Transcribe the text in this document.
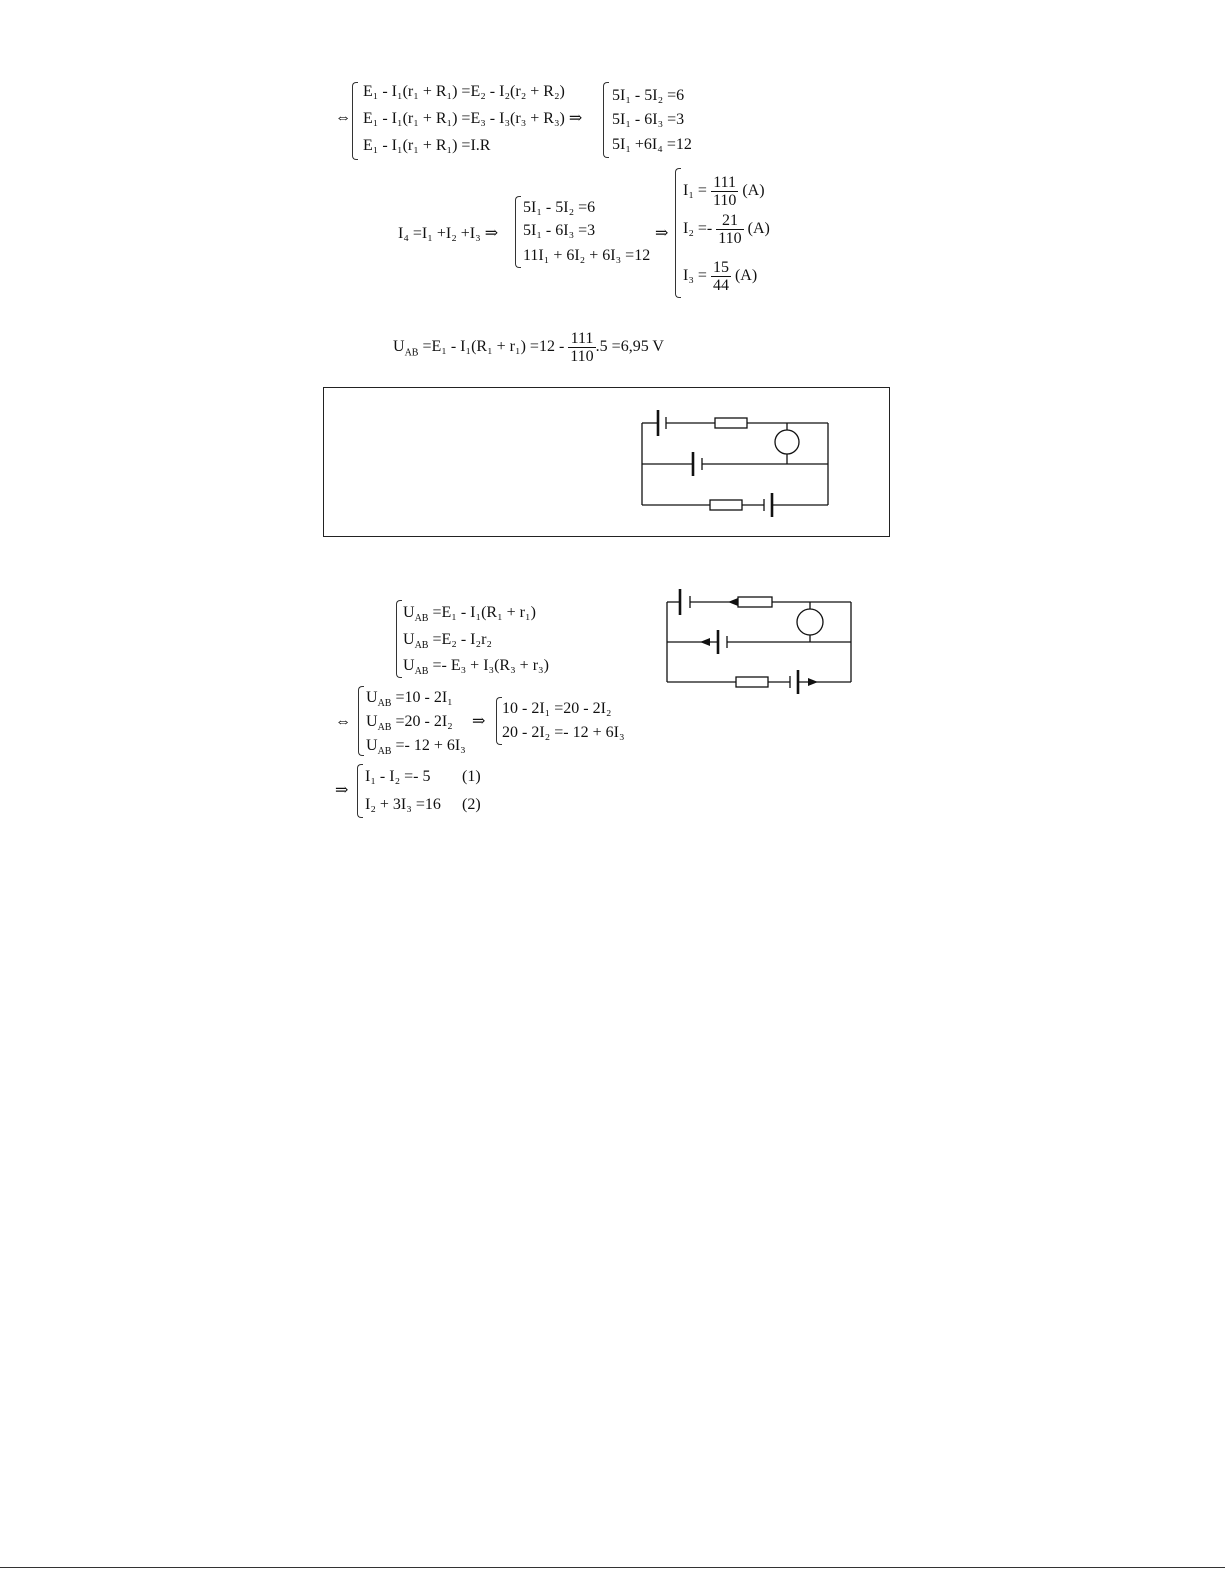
⇔
E₁ - I₁(r₁ + R₁) =E₂ - I₂(r₂ + R₂)
E₁ - I₁(r₁ + R₁) =E₃ - I₃(r₃ + R₃) ⇒
E₁ - I₁(r₁ + R₁) =I.R
5I₁ - 5I₂ =6
5I₁ - 6I₃ =3
5I₁ +6I₄ =12
I₄ =I₁ +I₂ +I₃ ⇒
5I₁ - 5I₂ =6
5I₁ - 6I₃ =3
11I₁ + 6I₂ + 6I₃ =12
⇒
$I_1 = \frac{111}{110} (A)$
$I_2 =- \frac{21}{110} (A)$
$I_3 = \frac{15}{44} (A)$
$U_{AB} =E_1 - I_1(R_1 + r_1) =12 - \frac{111}{110} .5 =6,95$ V
$U_{AB} =E_1 - I_1(R_1 + r_1)$
$U_{AB} =E_2 - I_2r_2$
$U_{AB} =- E_3 + I_3(R_3 + r_3)$
⇔
$U_{AB} =10 - 2I_1$
$U_{AB} =20 - 2I_2$
$U_{AB} =- 12 + 6I_3$
⇒
10 - 2I₁ =20 - 2I₂
20 - 2I₂ =- 12 + 6I₃
⇒
I₁ - I₂ =- 5 (1)
I₂ + 3I₃ =16 (2)
